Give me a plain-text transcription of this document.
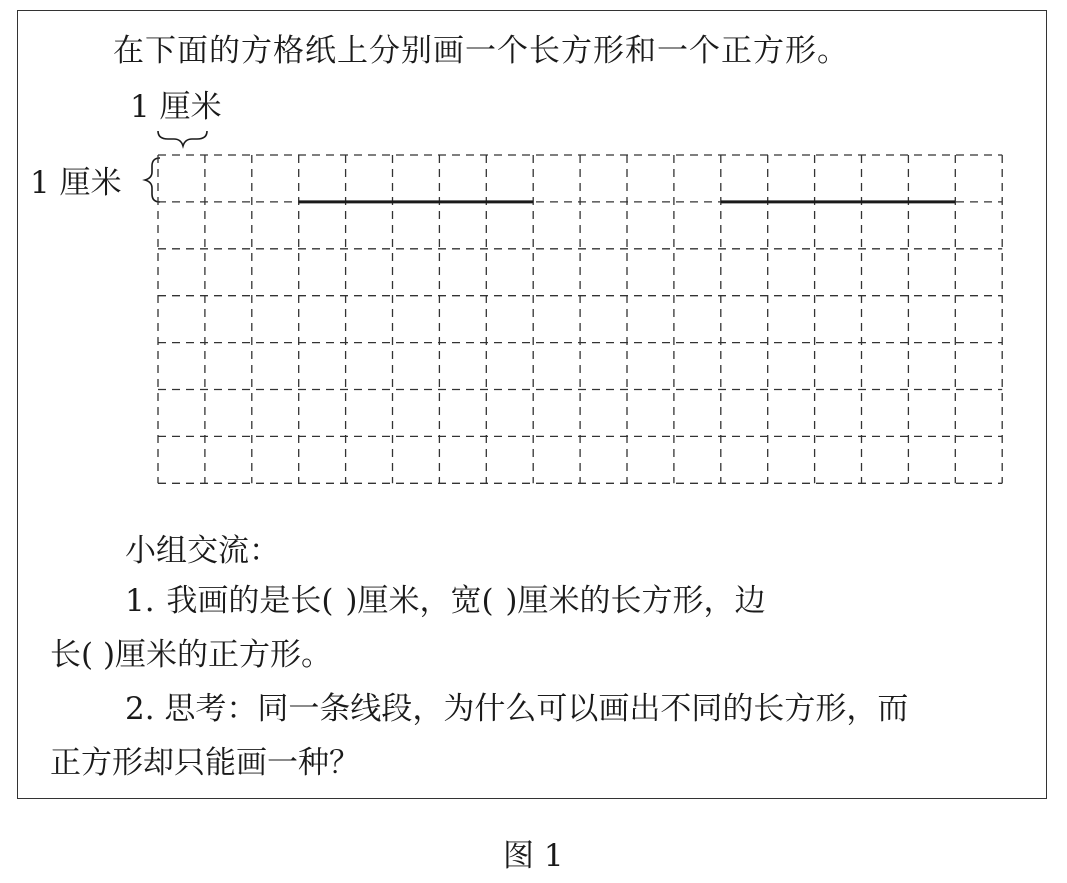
在下面的方格纸上分别画一个长方形和一个正方形。
1 厘米
1 厘米
小组交流：
1. 我画的是长( )厘米，宽( )厘米的长方形，边
长( )厘米的正方形。
2. 思考：同一条线段，为什么可以画出不同的长方形，而
正方形却只能画一种？
图 1
